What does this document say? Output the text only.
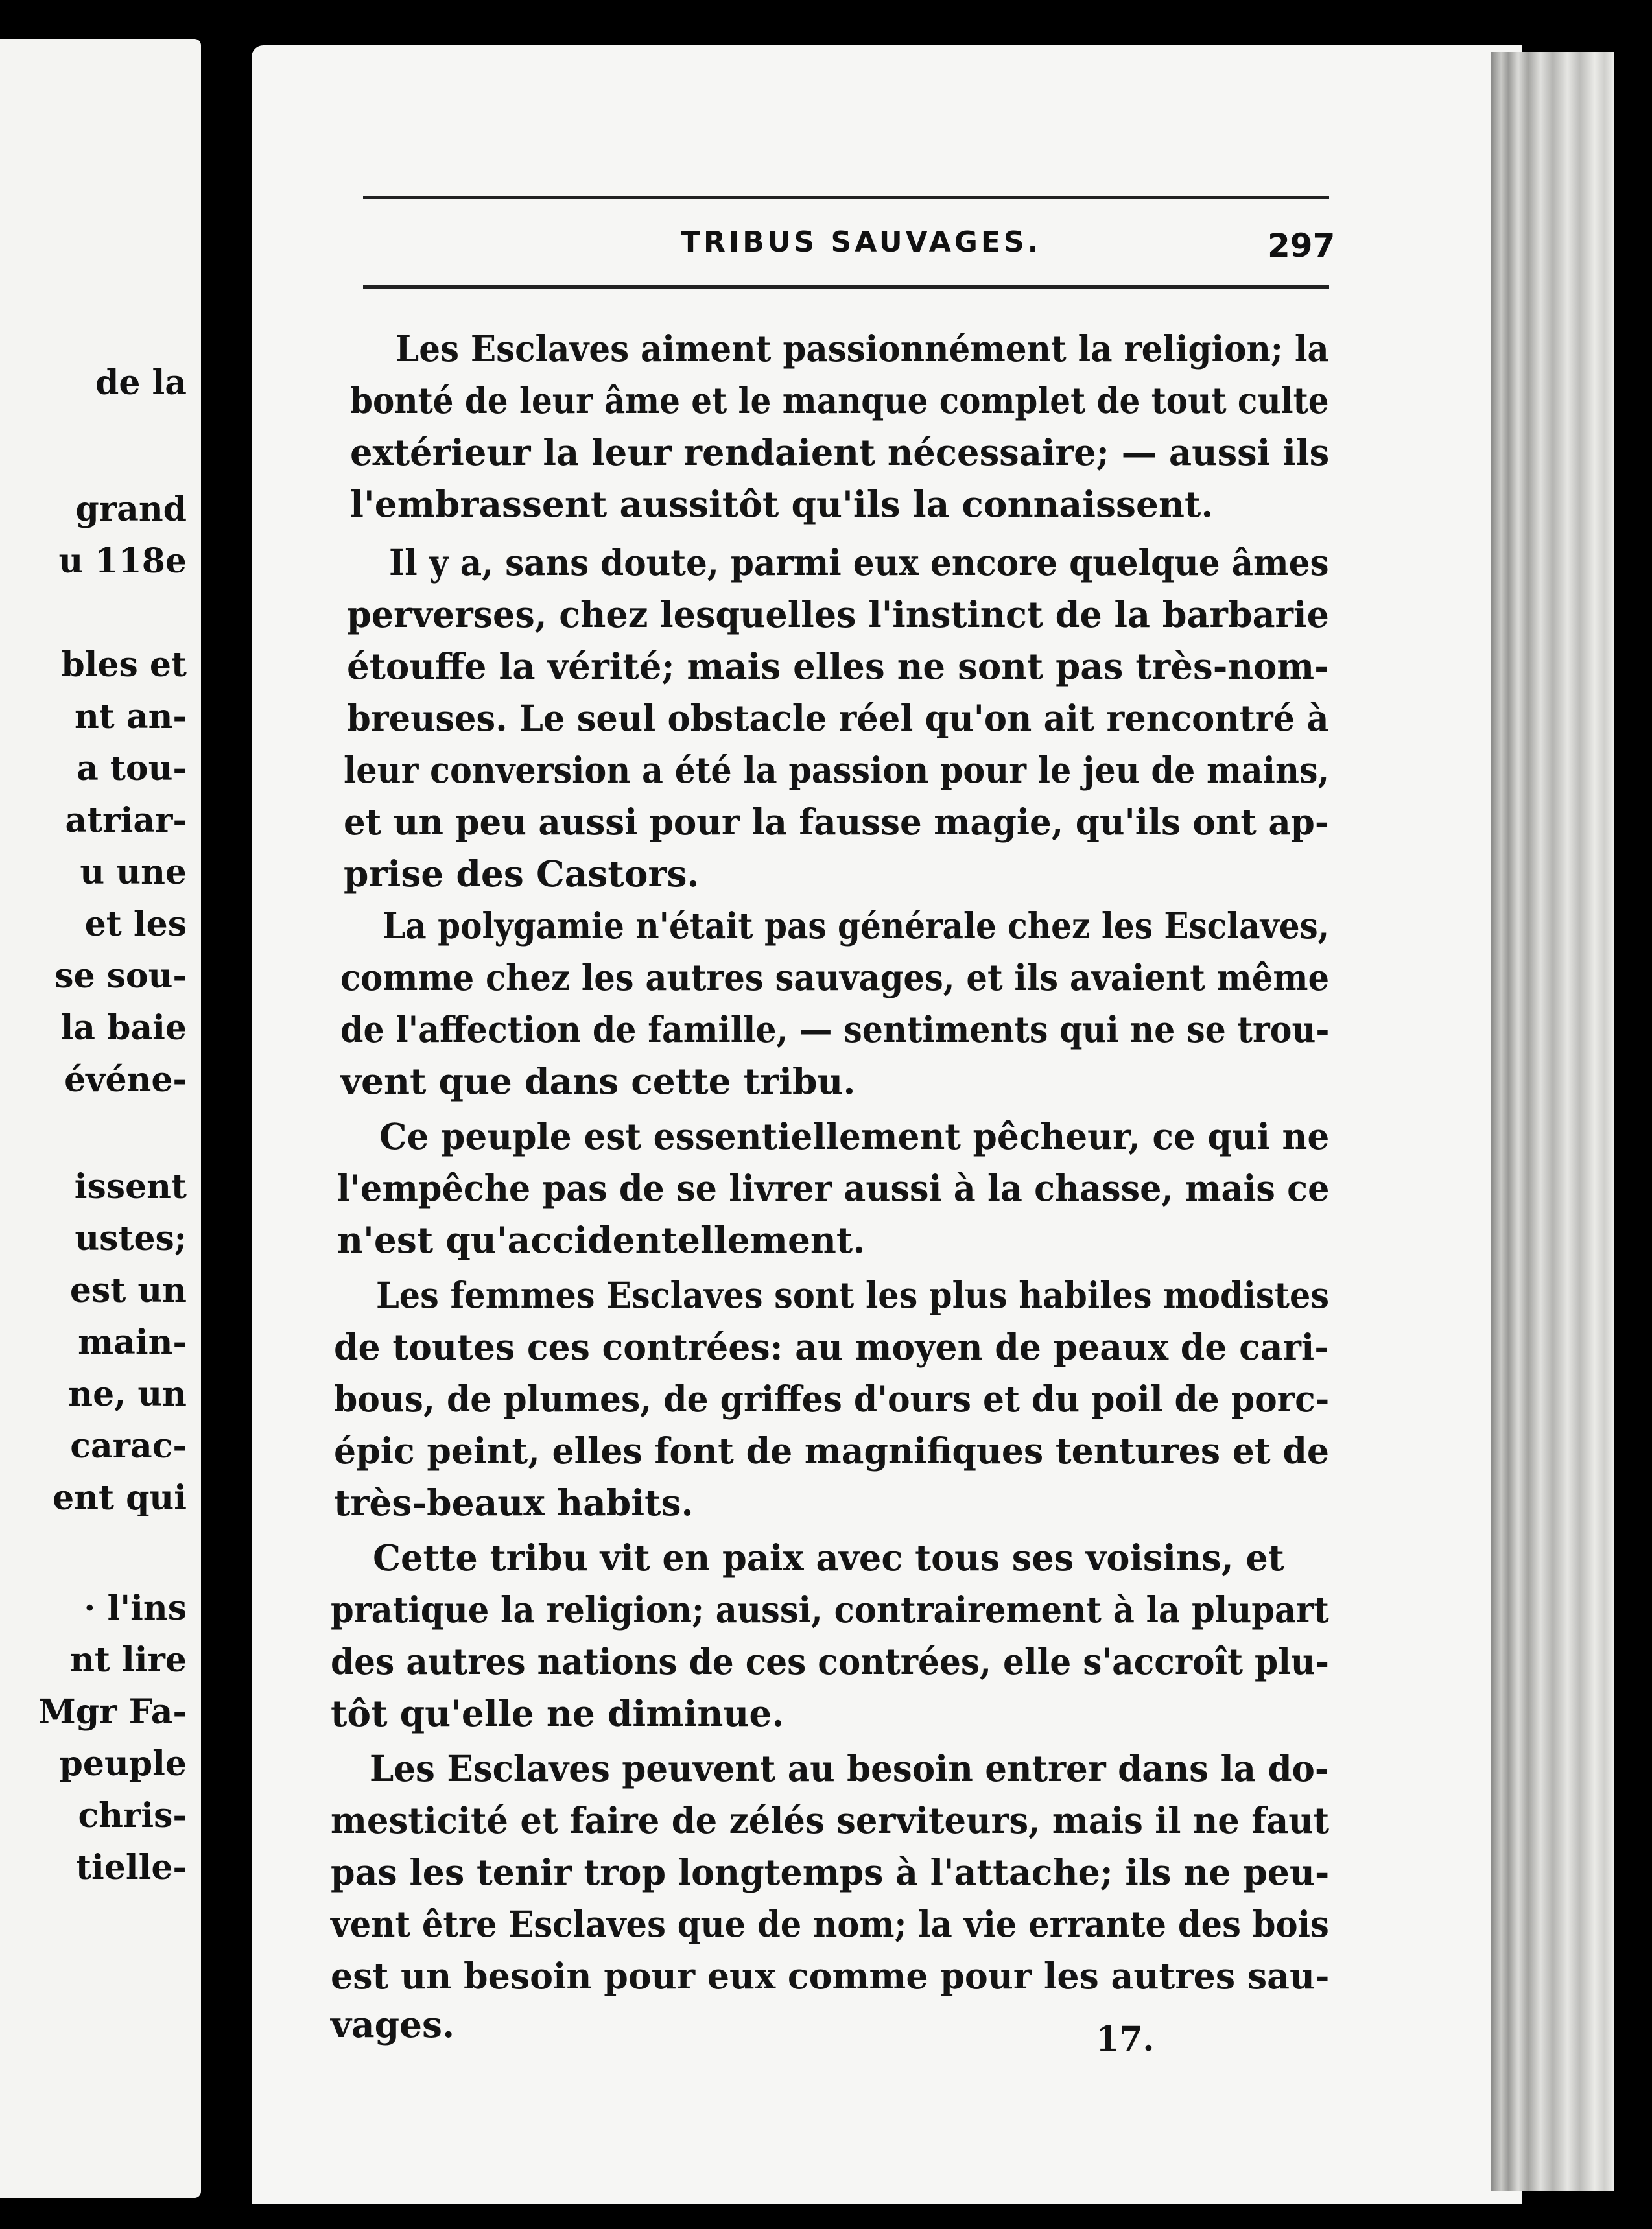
de la
grand
u 118e
bles et
nt an-
a tou-
atriar-
u une
et les
se sou-
la baie
événe-
issent
ustes;
est un
main-
ne, un
carac-
ent qui
· l'ins
nt lire
Mgr Fa-
peuple
chris-
tielle-
TRIBUS SAUVAGES.	297
Les Esclaves aiment passionnément la religion; la
bonté de leur âme et le manque complet de tout culte
extérieur la leur rendaient nécessaire; — aussi ils
l'embrassent aussitôt qu'ils la connaissent.
Il y a, sans doute, parmi eux encore quelque âmes
perverses, chez lesquelles l'instinct de la barbarie
étouffe la vérité; mais elles ne sont pas très-nom-
breuses. Le seul obstacle réel qu'on ait rencontré à
leur conversion a été la passion pour le jeu de mains,
et un peu aussi pour la fausse magie, qu'ils ont ap-
prise des Castors.
La polygamie n'était pas générale chez les Esclaves,
comme chez les autres sauvages, et ils avaient même
de l'affection de famille, — sentiments qui ne se trou-
vent que dans cette tribu.
Ce peuple est essentiellement pêcheur, ce qui ne
l'empêche pas de se livrer aussi à la chasse, mais ce
n'est qu'accidentellement.
Les femmes Esclaves sont les plus habiles modistes
de toutes ces contrées: au moyen de peaux de cari-
bous, de plumes, de griffes d'ours et du poil de porc-
épic peint, elles font de magnifiques tentures et de
très-beaux habits.
Cette tribu vit en paix avec tous ses voisins, et
pratique la religion; aussi, contrairement à la plupart
des autres nations de ces contrées, elle s'accroît plu-
tôt qu'elle ne diminue.
Les Esclaves peuvent au besoin entrer dans la do-
mesticité et faire de zélés serviteurs, mais il ne faut
pas les tenir trop longtemps à l'attache; ils ne peu-
vent être Esclaves que de nom; la vie errante des bois
est un besoin pour eux comme pour les autres sau-
vages.	17.
